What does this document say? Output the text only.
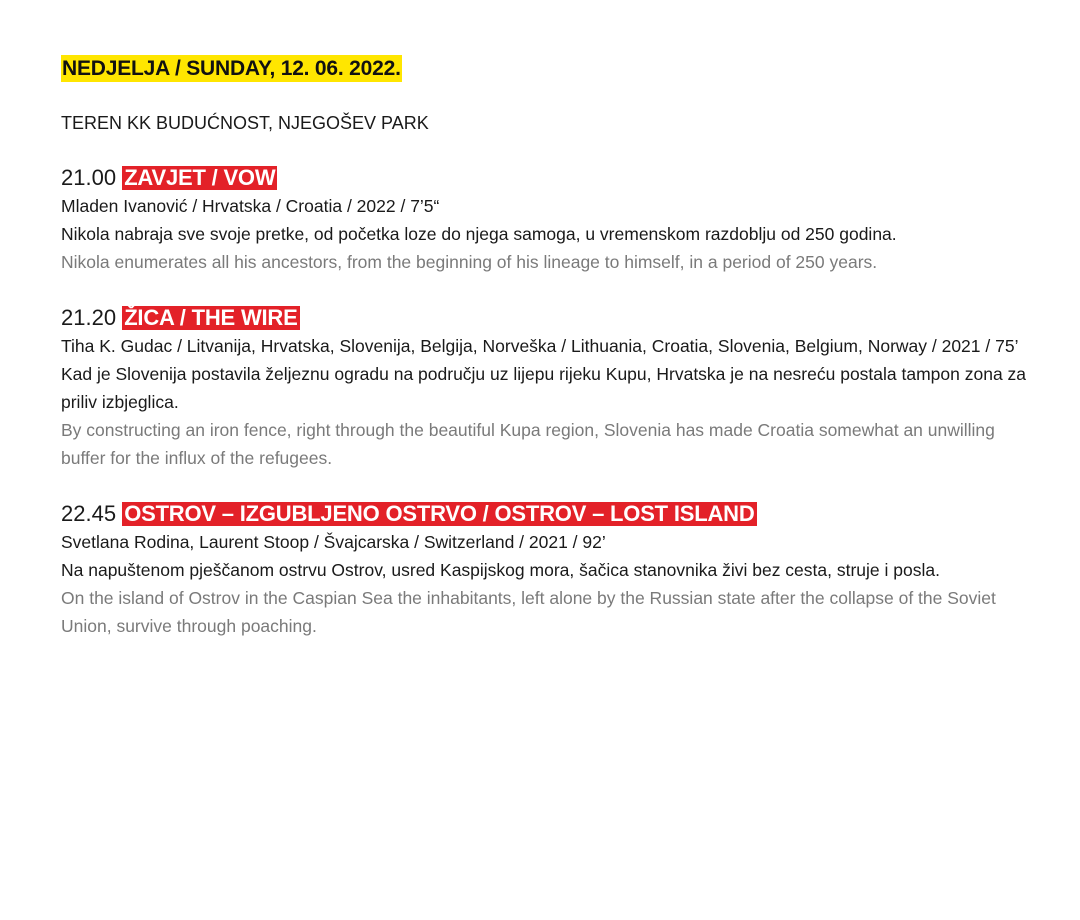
NEDJELJA / SUNDAY, 12. 06. 2022.
TEREN KK BUDUĆNOST, NJEGOŠEV PARK
21.00 ZAVJET / VOW
Mladen Ivanović / Hrvatska / Croatia / 2022 / 7’5“
Nikola nabraja sve svoje pretke, od početka loze do njega samoga, u vremenskom razdoblju od 250 godina.
Nikola enumerates all his ancestors, from the beginning of his lineage to himself, in a period of 250 years.
21.20 ŽICA / THE WIRE
Tiha K. Gudac / Litvanija, Hrvatska, Slovenija, Belgija, Norveška / Lithuania, Croatia, Slovenia, Belgium, Norway / 2021 / 75’
Kad je Slovenija postavila željeznu ogradu na području uz lijepu rijeku Kupu, Hrvatska je na nesreću postala tampon zona za priliv izbjeglica.
By constructing an iron fence, right through the beautiful Kupa region, Slovenia has made Croatia somewhat an unwilling buffer for the influx of the refugees.
22.45 OSTROV – IZGUBLJENO OSTRVO / OSTROV – LOST ISLAND
Svetlana Rodina, Laurent Stoop / Švajcarska / Switzerland / 2021 / 92’
Na napuštenom pješčanom ostrvu Ostrov, usred Kaspijskog mora, šačica stanovnika živi bez cesta, struje i posla.
On the island of Ostrov in the Caspian Sea the inhabitants, left alone by the Russian state after the collapse of the Soviet Union, survive through poaching.
